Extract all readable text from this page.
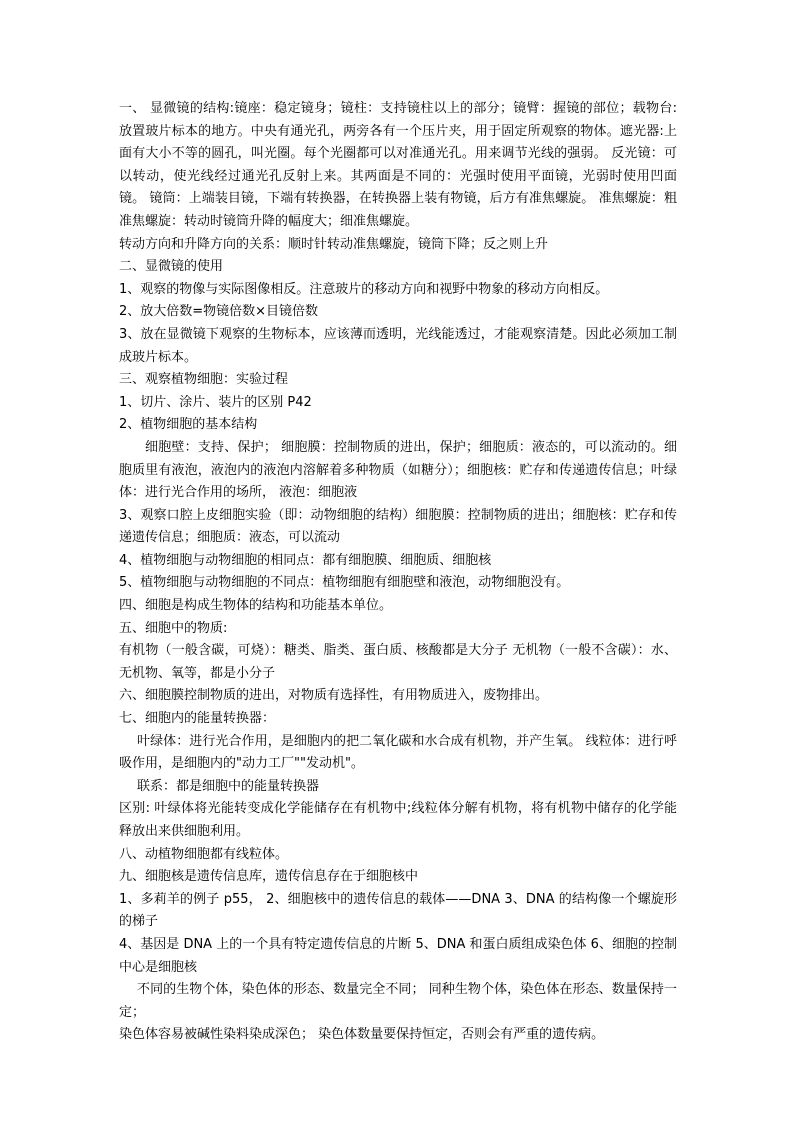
一、 显微镜的结构:镜座：稳定镜身；镜柱：支持镜柱以上的部分；镜臂：握镜的部位；载物台:放置玻片标本的地方。中央有通光孔，两旁各有一个压片夹，用于固定所观察的物体。遮光器:上面有大小不等的圆孔，叫光圈。每个光圈都可以对准通光孔。用来调节光线的强弱。 反光镜：可以转动，使光线经过通光孔反射上来。其两面是不同的：光强时使用平面镜，光弱时使用凹面镜。 镜筒：上端装目镜，下端有转换器，在转换器上装有物镜，后方有准焦螺旋。 准焦螺旋：粗准焦螺旋：转动时镜筒升降的幅度大；细准焦螺旋。

转动方向和升降方向的关系：顺时针转动准焦螺旋，镜筒下降；反之则上升

二、显微镜的使用

1、观察的物像与实际图像相反。注意玻片的移动方向和视野中物象的移动方向相反。

2、放大倍数=物镜倍数×目镜倍数

3、放在显微镜下观察的生物标本，应该薄而透明，光线能透过，才能观察清楚。因此必须加工制成玻片标本。

三、观察植物细胞：实验过程

1、切片、涂片、装片的区别 P42

2、植物细胞的基本结构

细胞壁：支持、保护； 细胞膜：控制物质的进出，保护；细胞质：液态的，可以流动的。细胞质里有液泡，液泡内的液泡内溶解着多种物质（如糖分）；细胞核：贮存和传递遗传信息；叶绿体：进行光合作用的场所， 液泡：细胞液

3、观察口腔上皮细胞实验（即：动物细胞的结构）细胞膜：控制物质的进出；细胞核：贮存和传递遗传信息；细胞质：液态，可以流动

4、植物细胞与动物细胞的相同点：都有细胞膜、细胞质、细胞核

5、植物细胞与动物细胞的不同点：植物细胞有细胞壁和液泡，动物细胞没有。

四、细胞是构成生物体的结构和功能基本单位。

五、细胞中的物质:

有机物（一般含碳，可烧）：糖类、脂类、蛋白质、核酸都是大分子 无机物（一般不含碳）：水、无机物、氧等，都是小分子

六、细胞膜控制物质的进出，对物质有选择性，有用物质进入，废物排出。

七、细胞内的能量转换器：

叶绿体：进行光合作用，是细胞内的把二氧化碳和水合成有机物，并产生氧。 线粒体：进行呼吸作用，是细胞内的"动力工厂""发动机"。

联系：都是细胞中的能量转换器

区别: 叶绿体将光能转变成化学能储存在有机物中;线粒体分解有机物，将有机物中储存的化学能释放出来供细胞利用。

八、动植物细胞都有线粒体。

九、细胞核是遗传信息库，遗传信息存在于细胞核中

1、多莉羊的例子 p55， 2、细胞核中的遗传信息的载体——DNA 3、DNA 的结构像一个螺旋形的梯子

4、基因是 DNA 上的一个具有特定遗传信息的片断 5、DNA 和蛋白质组成染色体 6、细胞的控制中心是细胞核

不同的生物个体，染色体的形态、数量完全不同； 同种生物个体，染色体在形态、数量保持一定；

染色体容易被碱性染料染成深色； 染色体数量要保持恒定，否则会有严重的遗传病。
